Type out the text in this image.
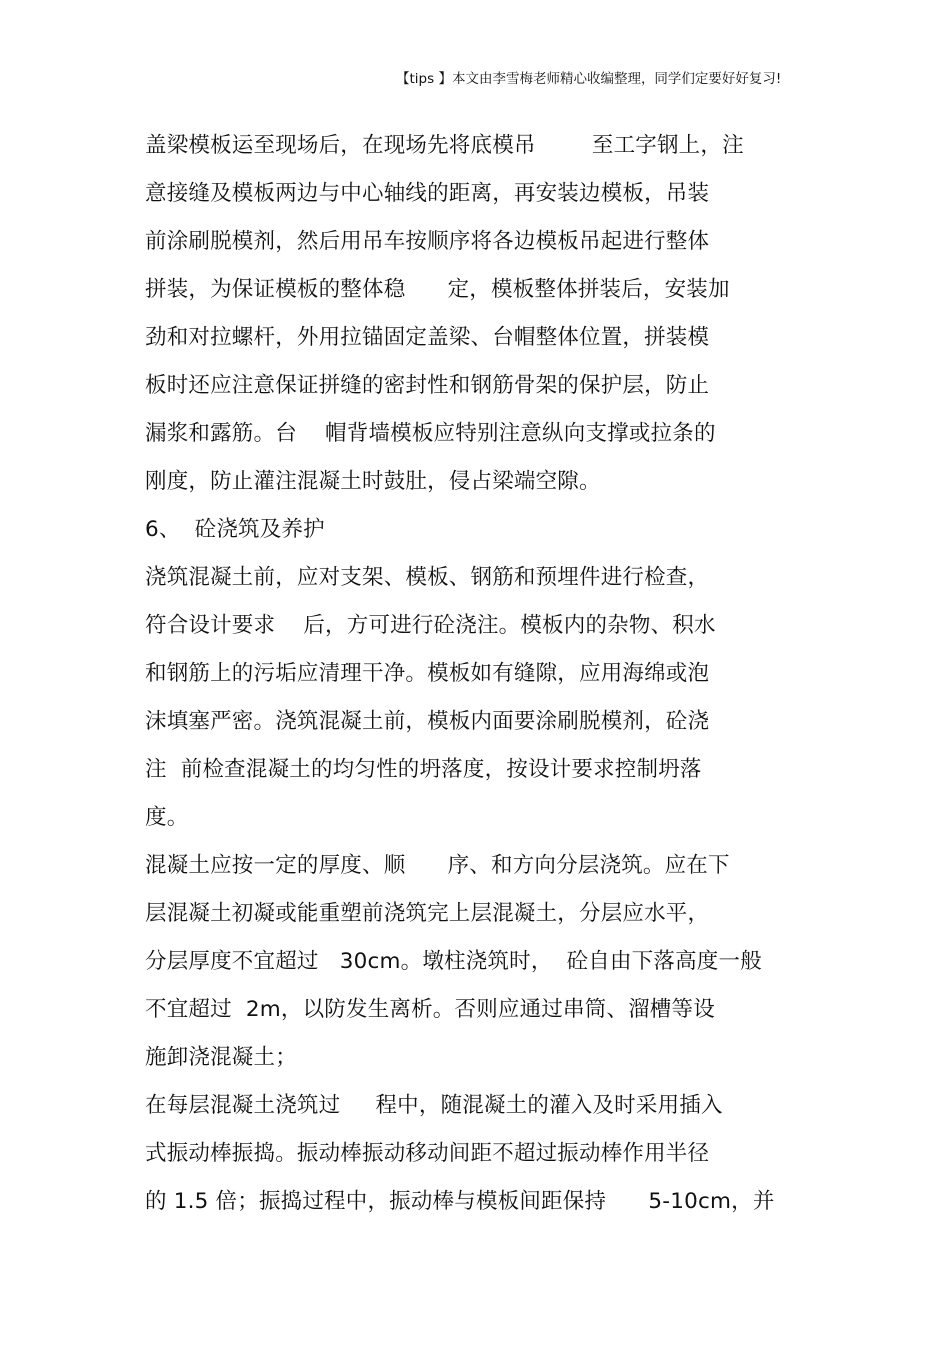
【tips 】本文由李雪梅老师精心收编整理，同学们定要好好复习!
盖梁模板运至现场后，在现场先将底模吊        至工字钢上，注
意接缝及模板两边与中心轴线的距离，再安装边模板，吊装
前涂刷脱模剂，然后用吊车按顺序将各边模板吊起进行整体
拼装，为保证模板的整体稳      定，模板整体拼装后，安装加
劲和对拉螺杆，外用拉锚固定盖梁、台帽整体位置，拼装模
板时还应注意保证拼缝的密封性和钢筋骨架的保护层，防止
漏浆和露筋。台    帽背墙模板应特别注意纵向支撑或拉条的
刚度，防止灌注混凝土时鼓肚，侵占梁端空隙。
6、  砼浇筑及养护
浇筑混凝土前，应对支架、模板、钢筋和预埋件进行检查，
符合设计要求    后，方可进行砼浇注。模板内的杂物、积水
和钢筋上的污垢应清理干净。模板如有缝隙，应用海绵或泡
沫填塞严密。浇筑混凝土前，模板内面要涂刷脱模剂，砼浇
注  前检查混凝土的均匀性的坍落度，按设计要求控制坍落
度。
混凝土应按一定的厚度、顺      序、和方向分层浇筑。应在下
层混凝土初凝或能重塑前浇筑完上层混凝土，分层应水平，
分层厚度不宜超过   30cm。墩柱浇筑时，  砼自由下落高度一般
不宜超过  2m，以防发生离析。否则应通过串筒、溜槽等设
施卸浇混凝土；
在每层混凝土浇筑过     程中，随混凝土的灌入及时采用插入
式振动棒振捣。振动棒振动移动间距不超过振动棒作用半径
的 1.5 倍；振捣过程中，振动棒与模板间距保持      5-10cm，并
